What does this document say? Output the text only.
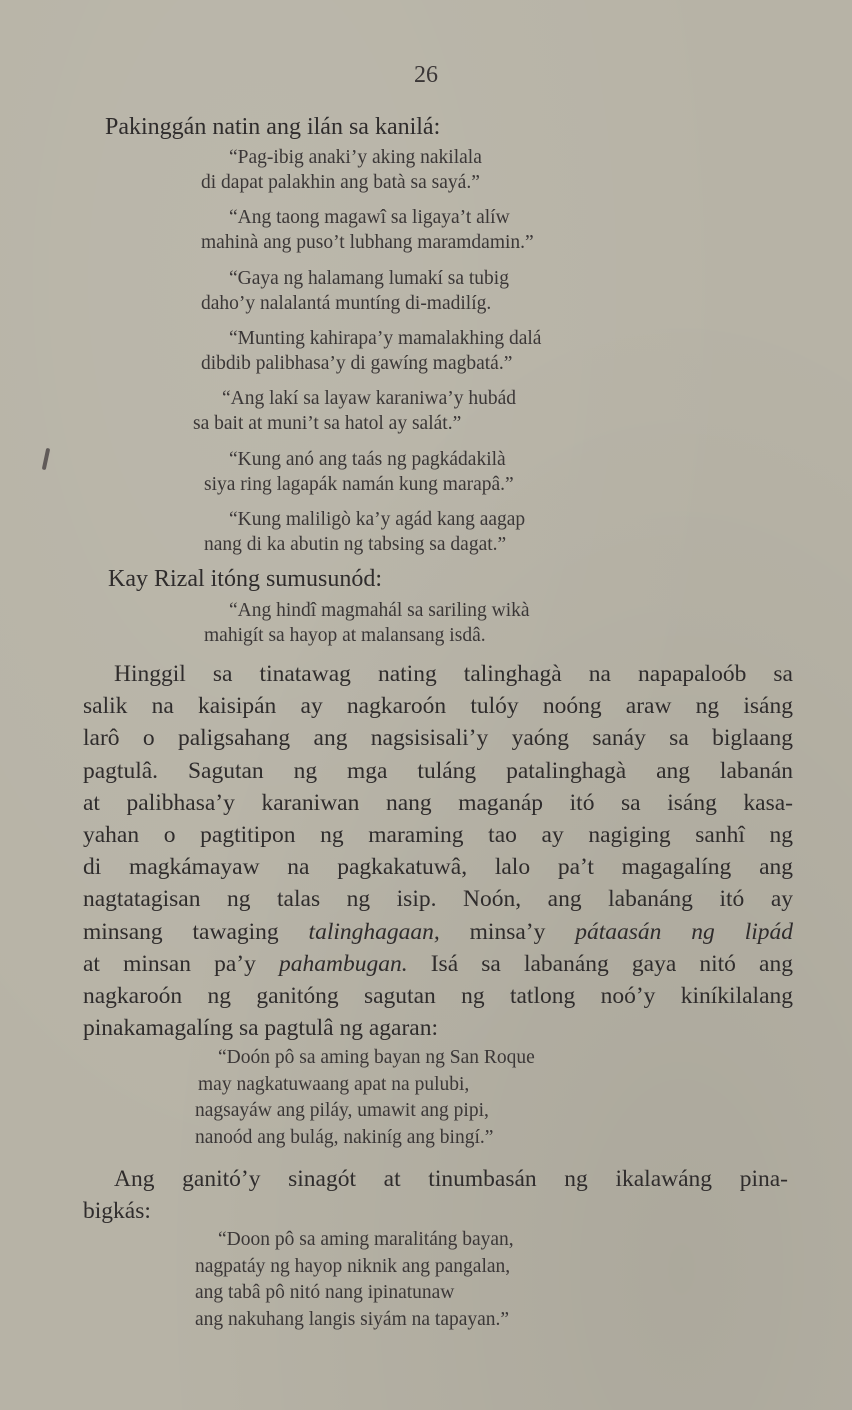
26
Pakinggán natin ang ilán sa kanilá:
“Pag-ibig anaki’y aking nakilala
di dapat palakhin ang batà sa sayá.”
“Ang taong magawî sa ligaya’t alíw
mahinà ang puso’t lubhang maramdamin.”
“Gaya ng halamang lumakí sa tubig
daho’y nalalantá muntíng di-madilíg.
“Munting kahirapa’y mamalakhing dalá
dibdib palibhasa’y di gawíng magbatá.”
“Ang lakí sa layaw karaniwa’y hubád
sa bait at muni’t sa hatol ay salát.”
“Kung anó ang taás ng pagkádakilà
siya ring lagapák namán kung marapâ.”
“Kung maliligò ka’y agád kang aagap
nang di ka abutin ng tabsing sa dagat.”
Kay Rizal itóng sumusunód:
“Ang hindî magmahál sa sariling wikà
mahigít sa hayop at malansang isdâ.
Hinggil sa tinatawag nating talinghagà na napapaloób sa
salik na kaisipán ay nagkaroón tulóy noóng araw ng isáng
larô o paligsahang ang nagsisisali’y yaóng sanáy sa biglaang
pagtulâ. Sagutan ng mga tuláng patalinghagà ang labanán
at palibhasa’y karaniwan nang maganáp itó sa isáng kasa-
yahan o pagtitipon ng maraming tao ay nagiging sanhî ng
di magkámayaw na pagkakatuwâ, lalo pa’t magagalíng ang
nagtatagisan ng talas ng isip. Noón, ang labanáng itó ay
minsang tawaging talinghagaan, minsa’y pátaasán ng lipád
at minsan pa’y pahambugan. Isá sa labanáng gaya nitó ang
nagkaroón ng ganitóng sagutan ng tatlong noó’y kiníkilalang
pinakamagalíng sa pagtulâ ng agaran:
“Doón pô sa aming bayan ng San Roque
may nagkatuwaang apat na pulubi,
nagsayáw ang piláy, umawit ang pipi,
nanoód ang bulág, nakiníg ang bingí.”
Ang ganitó’y sinagót at tinumbasán ng ikalawáng pina-
bigkás:
“Doon pô sa aming maralitáng bayan,
nagpatáy ng hayop niknik ang pangalan,
ang tabâ pô nitó nang ipinatunaw
ang nakuhang langis siyám na tapayan.”
